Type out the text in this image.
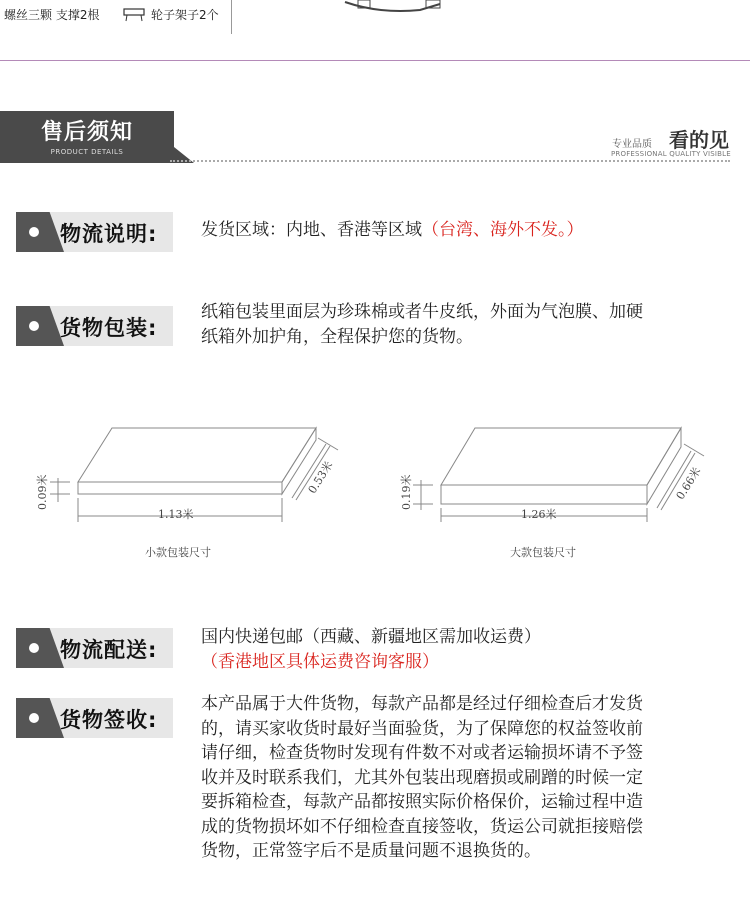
螺丝三颗 支撑2根	轮子架子2个
售后须知
PRODUCT DETAILS
专业品质 看的见
PROFESSIONAL QUALITY VISIBLE
物流说明:	发货区域：内地、香港等区域（台湾、海外不发。）
货物包装:
纸箱包装里面层为珍珠棉或者牛皮纸，外面为气泡膜、加硬
纸箱外加护角，全程保护您的货物。
0.09米
1.13米
0.53米
小款包装尺寸
0.19米
1.26米
0.66米
大款包装尺寸
物流配送:
国内快递包邮（西藏、新疆地区需加收运费）
（香港地区具体运费咨询客服）
货物签收:
本产品属于大件货物，每款产品都是经过仔细检查后才发货
的，请买家收货时最好当面验货，为了保障您的权益签收前
请仔细，检查货物时发现有件数不对或者运输损坏请不予签
收并及时联系我们，尤其外包装出现磨损或刷蹭的时候一定
要拆箱检查，每款产品都按照实际价格保价，运输过程中造
成的货物损坏如不仔细检查直接签收，货运公司就拒接赔偿
货物，正常签字后不是质量问题不退换货的。
